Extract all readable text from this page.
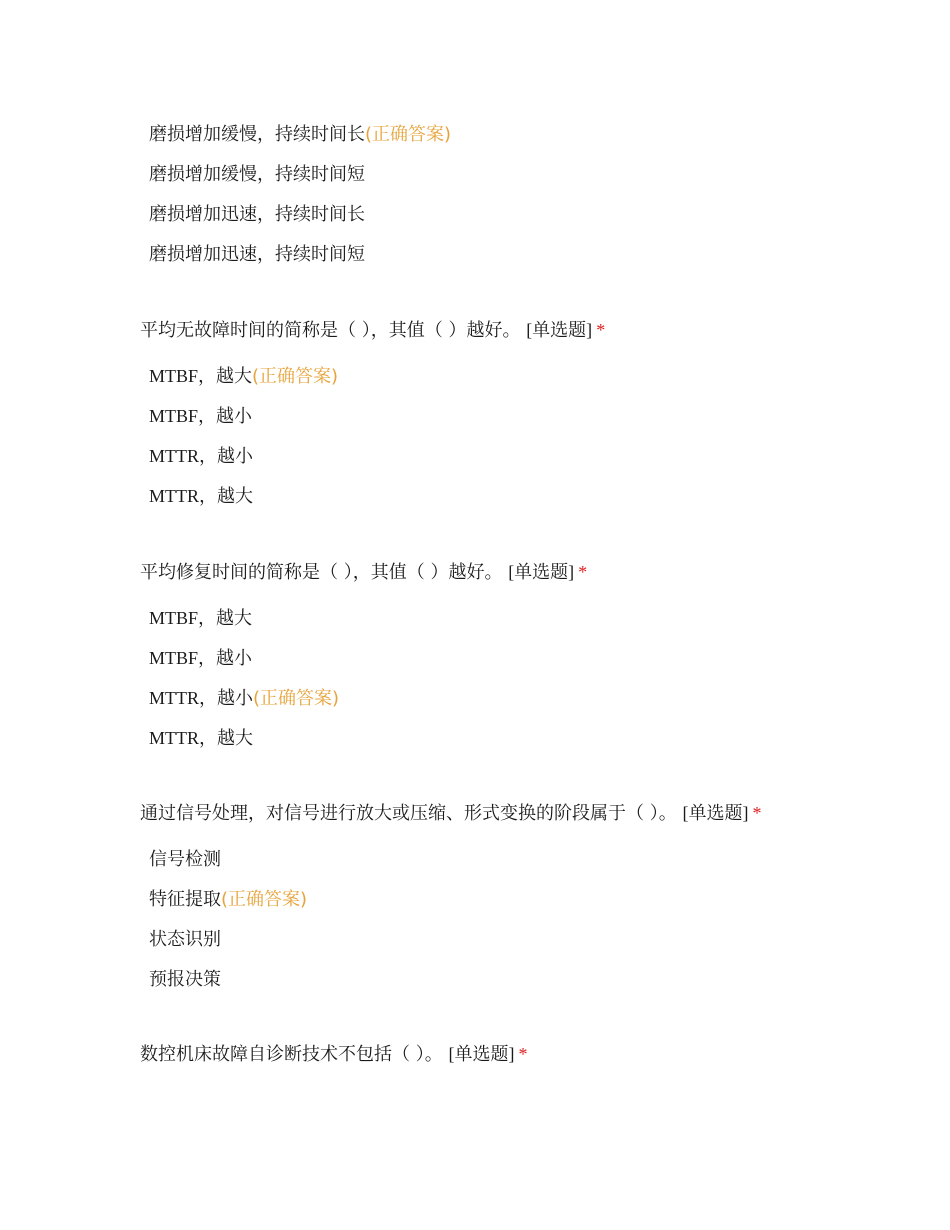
磨损增加缓慢，持续时间长(正确答案)
磨损增加缓慢，持续时间短
磨损增加迅速，持续时间长
磨损增加迅速，持续时间短
平均无故障时间的简称是（ ），其值（ ）越好。 [单选题] *
MTBF，越大(正确答案)
MTBF，越小
MTTR，越小
MTTR，越大
平均修复时间的简称是（ ），其值（ ）越好。 [单选题] *
MTBF，越大
MTBF，越小
MTTR，越小(正确答案)
MTTR，越大
通过信号处理，对信号进行放大或压缩、形式变换的阶段属于（ ）。 [单选题] *
信号检测
特征提取(正确答案)
状态识别
预报决策
数控机床故障自诊断技术不包括（ ）。 [单选题] *
